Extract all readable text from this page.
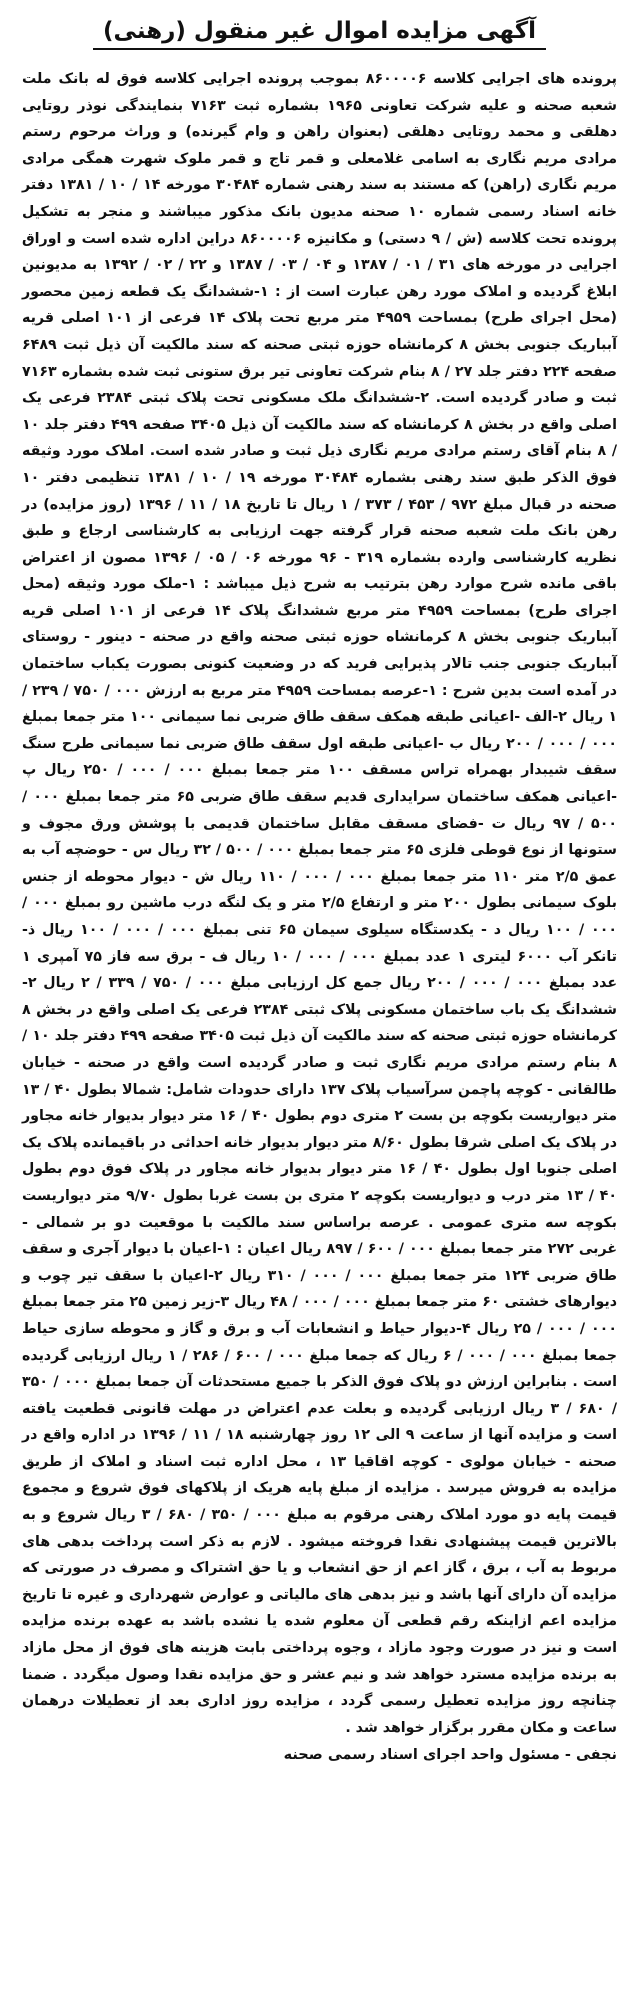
آگهی مزایده اموال غیر منقول (رهنی)

پرونده های اجرایی کلاسه ۸۶۰۰۰۰۶ بموجب پرونده اجرایی کلاسه فوق له بانک ملت شعبه صحنه و علیه شرکت تعاونی ۱۹۶۵ بشماره ثبت ۷۱۶۳ بنمایندگی نوذر روتایی دهلقی و محمد روتایی دهلقی (بعنوان راهن و وام گیرنده) و وراث مرحوم رستم مرادی مریم نگاری به اسامی غلامعلی و قمر تاج و قمر ملوک شهرت همگی مرادی مریم نگاری (راهن) که مستند به سند رهنی شماره ۳۰۴۸۴ مورخه ۱۴ / ۱۰ / ۱۳۸۱ دفتر خانه اسناد رسمی شماره ۱۰ صحنه مدیون بانک مذکور میباشند و منجر به تشکیل پرونده تحت کلاسه (ش / ۹ دستی) و مکانیزه ۸۶۰۰۰۰۶ دراین اداره شده است و اوراق اجرایی در مورخه های ۳۱ / ۰۱ / ۱۳۸۷ و ۰۴ / ۰۳ / ۱۳۸۷ و ۲۲ / ۰۲ / ۱۳۹۲ به مدیونین ابلاغ گردیده و املاک مورد رهن عبارت است از : ۱-ششدانگ یک قطعه زمین محصور (محل اجرای طرح) بمساحت ۴۹۵۹ متر مربع تحت پلاک ۱۴ فرعی از ۱۰۱ اصلی قریه آبباریک جنوبی بخش ۸ کرمانشاه حوزه ثبتی صحنه که سند مالکیت آن ذیل ثبت ۶۴۸۹ صفحه ۲۲۴ دفتر جلد ۲۷ / ۸ بنام شرکت تعاونی تیر برق ستونی ثبت شده بشماره ۷۱۶۳ ثبت و صادر گردیده است. ۲-ششدانگ ملک مسکونی تحت پلاک ثبتی ۲۳۸۴ فرعی یک اصلی واقع در بخش ۸ کرمانشاه که سند مالکیت آن ذیل ۳۴۰۵ صفحه ۴۹۹ دفتر جلد ۱۰ / ۸ بنام آقای رستم مرادی مریم نگاری ذیل ثبت و صادر شده است. املاک مورد وثیقه فوق الذکر طبق سند رهنی بشماره ۳۰۴۸۴ مورخه ۱۹ / ۱۰ / ۱۳۸۱ تنظیمی دفتر ۱۰ صحنه در قبال مبلغ ۹۷۲ / ۴۵۳ / ۳۷۳ / ۱ ریال تا تاریخ ۱۸ / ۱۱ / ۱۳۹۶ (روز مزایده) در رهن بانک ملت شعبه صحنه قرار گرفته جهت ارزیابی به کارشناسی ارجاع و طبق نظریه کارشناسی وارده بشماره ۳۱۹ - ۹۶ مورخه ۰۶ / ۰۵ / ۱۳۹۶ مصون از اعتراض باقی مانده شرح موارد رهن بترتیب به شرح ذیل میباشد : ۱-ملک مورد وثیقه (محل اجرای طرح) بمساحت ۴۹۵۹ متر مربع ششدانگ پلاک ۱۴ فرعی از ۱۰۱ اصلی قریه آبباریک جنوبی بخش ۸ کرمانشاه حوزه ثبتی صحنه واقع در صحنه - دینور - روستای آبباریک جنوبی جنب تالار پذیرایی فرید که در وضعیت کنونی بصورت یکباب ساختمان در آمده است بدین شرح : ۱-عرصه بمساحت ۴۹۵۹ متر مربع به ارزش ۰۰۰ / ۷۵۰ / ۲۳۹ / ۱ ریال ۲-الف -اعیانی طبقه همکف سقف طاق ضربی نما سیمانی ۱۰۰ متر جمعا بمبلغ ۰۰۰ / ۰۰۰ / ۲۰۰ ریال ب -اعیانی طبقه اول سقف طاق ضربی نما سیمانی طرح سنگ سقف شیبدار بهمراه تراس مسقف ۱۰۰ متر جمعا بمبلغ ۰۰۰ / ۰۰۰ / ۲۵۰ ریال پ -اعیانی همکف ساختمان سرایداری قدیم سقف طاق ضربی ۶۵ متر جمعا بمبلغ ۰۰۰ / ۵۰۰ / ۹۷ ریال ت -فضای مسقف مقابل ساختمان قدیمی با پوشش ورق مجوف و ستونها از نوع قوطی فلزی ۶۵ متر جمعا بمبلغ ۰۰۰ / ۵۰۰ / ۳۲ ریال س - حوضچه آب به عمق ۲/۵ متر ۱۱۰ متر جمعا بمبلغ ۰۰۰ / ۰۰۰ / ۱۱۰ ریال ش - دیوار محوطه از جنس بلوک سیمانی بطول ۲۰۰ متر و ارتفاع ۲/۵ متر و یک لنگه درب ماشین رو بمبلغ ۰۰۰ / ۰۰۰ / ۱۰۰ ریال د - یکدستگاه سیلوی سیمان ۶۵ تنی بمبلغ ۰۰۰ / ۰۰۰ / ۱۰۰ ریال ذ- تانکر آب ۶۰۰۰ لیتری ۱ عدد بمبلغ ۰۰۰ / ۰۰۰ / ۱۰ ریال ف - برق سه فاز ۷۵ آمپری ۱ عدد بمبلغ ۰۰۰ / ۰۰۰ / ۲۰۰ ریال جمع کل ارزیابی مبلغ ۰۰۰ / ۷۵۰ / ۳۳۹ / ۲ ریال ۲-ششدانگ یک باب ساختمان مسکونی پلاک ثبتی ۲۳۸۴ فرعی یک اصلی واقع در بخش ۸ کرمانشاه حوزه ثبتی صحنه که سند مالکیت آن ذیل ثبت ۳۴۰۵ صفحه ۴۹۹ دفتر جلد ۱۰ / ۸ بنام رستم مرادی مریم نگاری ثبت و صادر گردیده است واقع در صحنه - خیابان طالقانی - کوچه پاچمن سرآسیاب پلاک ۱۳۷ دارای حدودات شامل: شمالا بطول ۴۰ / ۱۳ متر دیواریست بکوچه بن بست ۲ متری دوم بطول ۴۰ / ۱۶ متر دیوار بدیوار خانه مجاور در پلاک یک اصلی شرقا بطول ۸/۶۰ متر دیوار بدیوار خانه احداثی در باقیمانده پلاک یک اصلی جنوبا اول بطول ۴۰ / ۱۶ متر دیوار بدیوار خانه مجاور در پلاک فوق دوم بطول ۴۰ / ۱۳ متر درب و دیواریست بکوچه ۲ متری بن بست غربا بطول ۹/۷۰ متر دیواریست بکوچه سه متری عمومی . عرصه براساس سند مالکیت با موقعیت دو بر شمالی - غربی ۲۷۲ متر جمعا بمبلغ ۰۰۰ / ۶۰۰ / ۸۹۷ ریال اعیان : ۱-اعیان با دیوار آجری و سقف طاق ضربی ۱۲۴ متر جمعا بمبلغ ۰۰۰ / ۰۰۰ / ۳۱۰ ریال ۲-اعیان با سقف تیر چوب و دیوارهای خشتی ۶۰ متر جمعا بمبلغ ۰۰۰ / ۰۰۰ / ۴۸ ریال ۳-زیر زمین ۲۵ متر جمعا بمبلغ ۰۰۰ / ۰۰۰ / ۲۵ ریال ۴-دیوار حیاط و انشعابات آب و برق و گاز و محوطه سازی حیاط جمعا بمبلغ ۰۰۰ / ۰۰۰ / ۶ ریال که جمعا مبلغ ۰۰۰ / ۶۰۰ / ۲۸۶ / ۱ ریال ارزیابی گردیده است . بنابراین ارزش دو پلاک فوق الذکر با جمیع مستحدثات آن جمعا بمبلغ ۰۰۰ / ۳۵۰ / ۶۸۰ / ۳ ریال ارزیابی گردیده و بعلت عدم اعتراض در مهلت قانونی قطعیت یافته است و مزایده آنها از ساعت ۹ الی ۱۲ روز چهارشنبه ۱۸ / ۱۱ / ۱۳۹۶ در اداره واقع در صحنه - خیابان مولوی - کوچه اقاقیا ۱۳ ، محل اداره ثبت اسناد و املاک از طریق مزایده به فروش میرسد . مزایده از مبلغ پایه هریک از پلاکهای فوق شروع و مجموع قیمت پایه دو مورد املاک رهنی مرقوم به مبلغ ۰۰۰ / ۳۵۰ / ۶۸۰ / ۳ ریال شروع و به بالاترین قیمت پیشنهادی نقدا فروخته میشود . لازم به ذکر است پرداخت بدهی های مربوط به آب ، برق ، گاز اعم از حق انشعاب و یا حق اشتراک و مصرف در صورتی که مزایده آن دارای آنها باشد و نیز بدهی های مالیاتی و عوارض شهرداری و غیره تا تاریخ مزایده اعم ازاینکه رقم قطعی آن معلوم شده یا نشده باشد به عهده برنده مزایده است و نیز در صورت وجود مازاد ، وجوه پرداختی بابت هزینه های فوق از محل مازاد به برنده مزایده مسترد خواهد شد و نیم عشر و حق مزایده نقدا وصول میگردد . ضمنا چنانچه روز مزایده تعطیل رسمی گردد ، مزایده روز اداری بعد از تعطیلات درهمان ساعت و مکان مقرر برگزار خواهد شد .

نجفی - مسئول واحد اجرای اسناد رسمی صحنه
